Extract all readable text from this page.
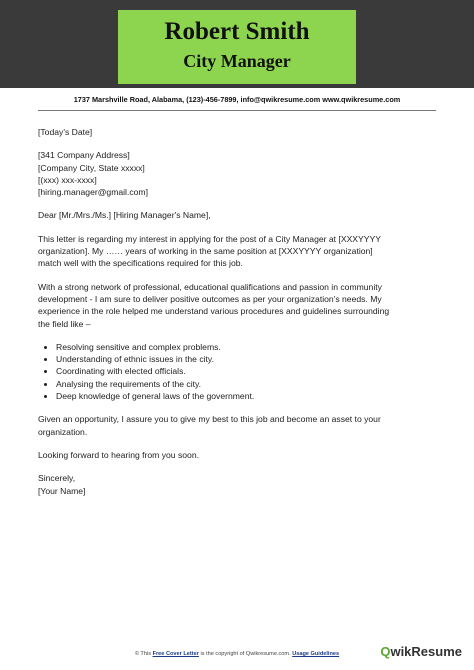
Robert Smith
City Manager
1737 Marshville Road, Alabama, (123)-456-7899, info@qwikresume.com www.qwikresume.com

[Today's Date]

[341 Company Address]
[Company City, State xxxxx]
[(xxx) xxx-xxxx]
[hiring.manager@gmail.com]

Dear [Mr./Mrs./Ms.] [Hiring Manager's Name],

This letter is regarding my interest in applying for the post of a City Manager at [XXXYYYY
organization]. My …… years of working in the same position at [XXXYYYY organization]
match well with the specifications required for this job.

With a strong network of professional, educational qualifications and passion in community
development - I am sure to deliver positive outcomes as per your organization's needs. My
experience in the role helped me understand various procedures and guidelines surrounding
the field like –

• Resolving sensitive and complex problems.
• Understanding of ethnic issues in the city.
• Coordinating with elected officials.
• Analysing the requirements of the city.
• Deep knowledge of general laws of the government.

Given an opportunity, I assure you to give my best to this job and become an asset to your
organization.

Looking forward to hearing from you soon.

Sincerely,
[Your Name]

© This Free Cover Letter is the copyright of Qwikresume.com. Usage Guidelines	QwikResume
